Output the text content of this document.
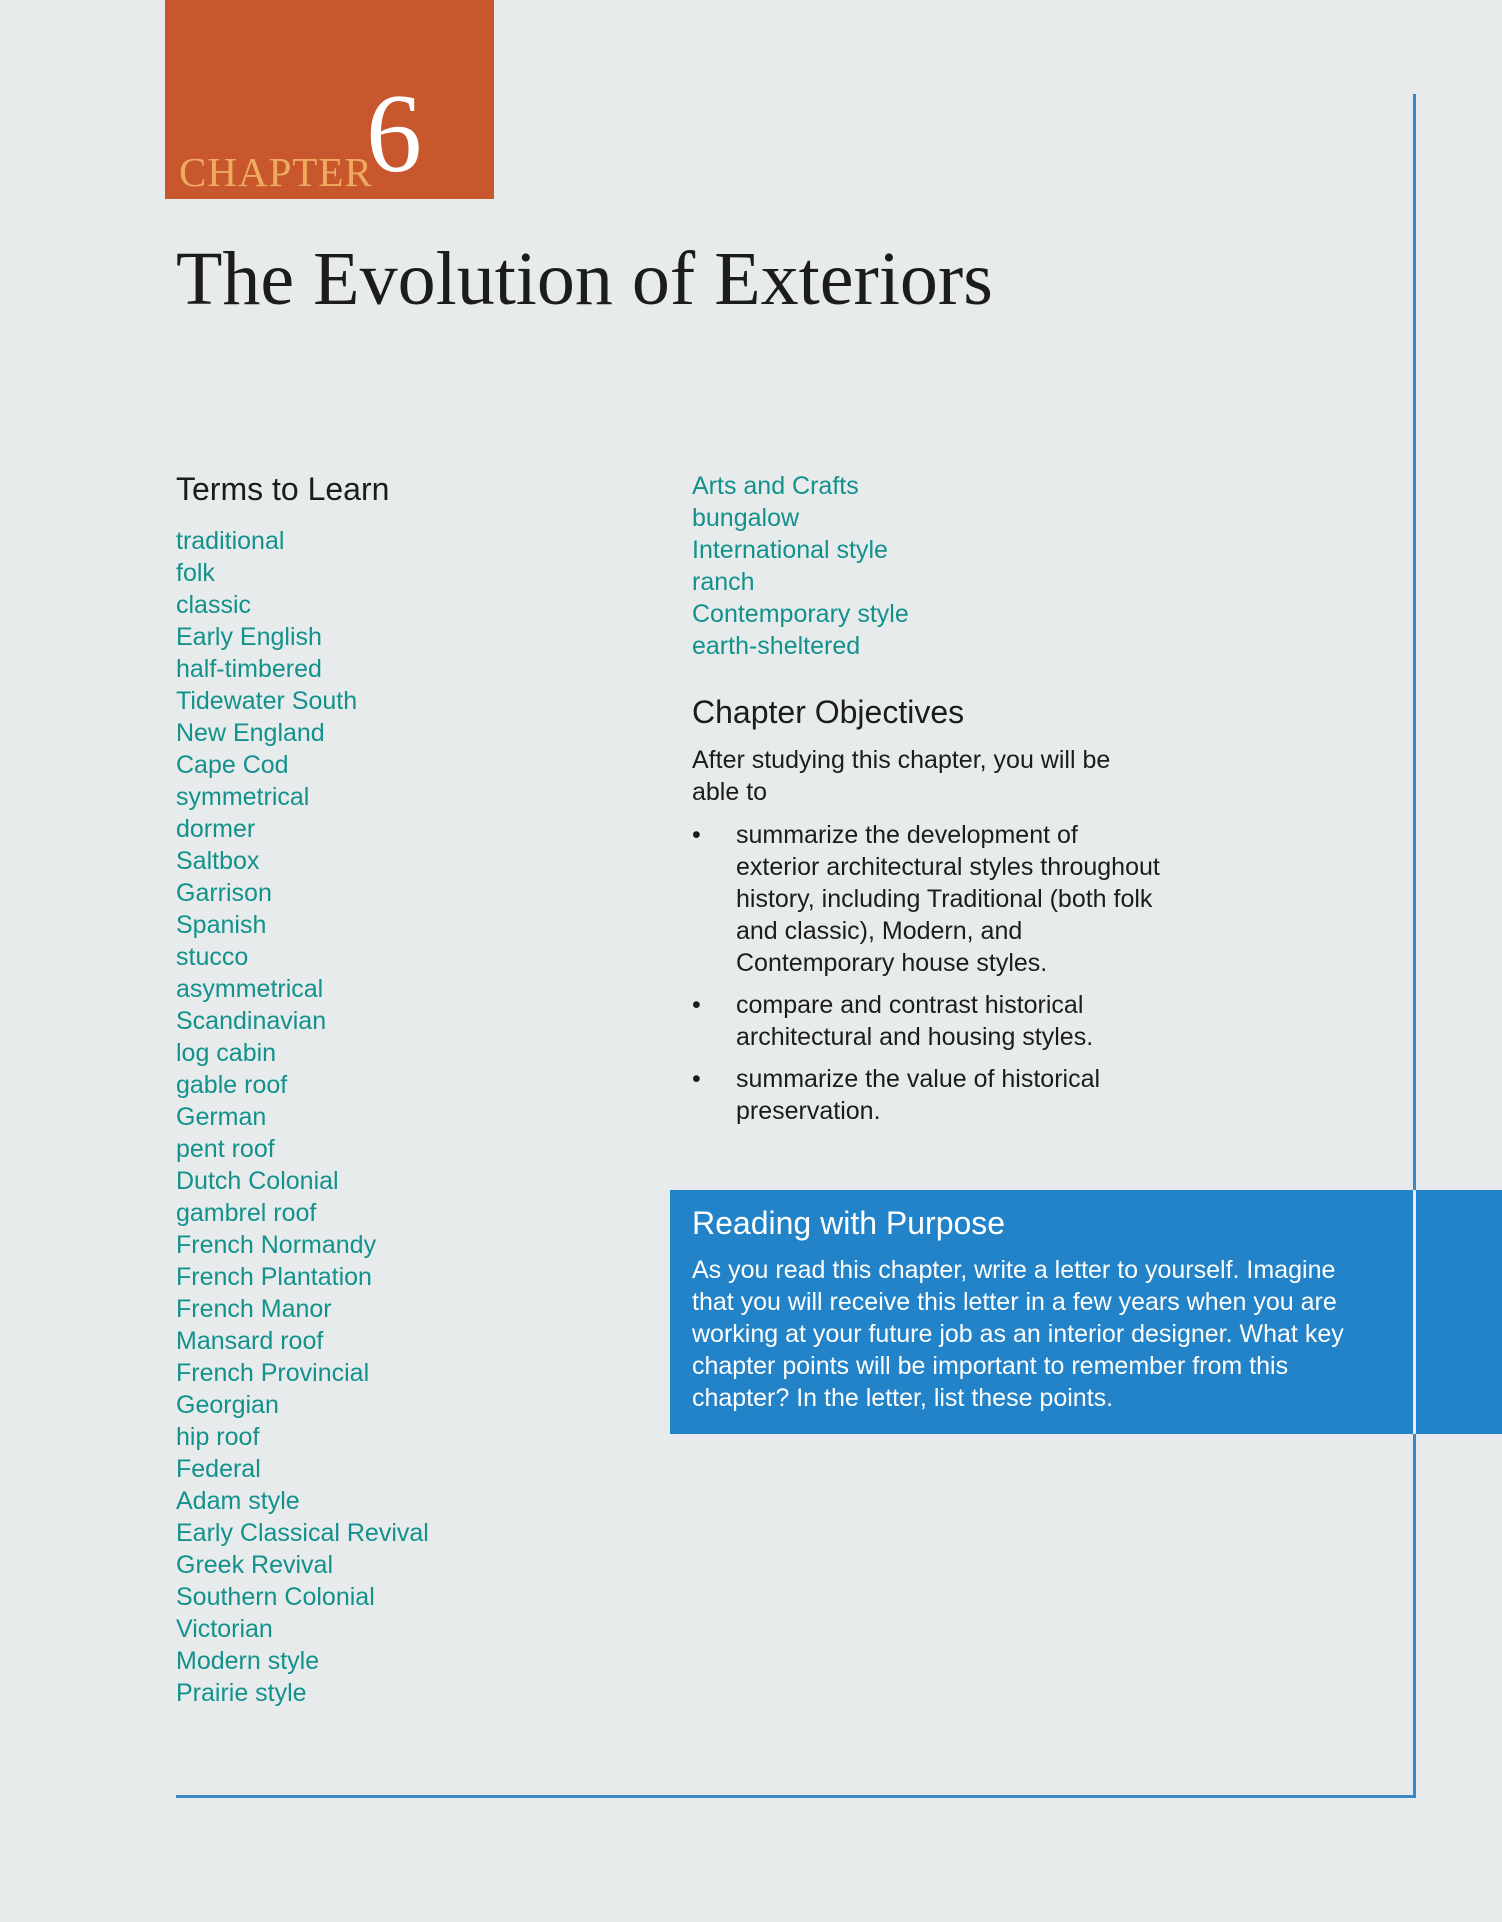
CHAPTER
6
The Evolution of Exteriors
Terms to Learn
traditional
folk
classic
Early English
half-timbered
Tidewater South
New England
Cape Cod
symmetrical
dormer
Saltbox
Garrison
Spanish
stucco
asymmetrical
Scandinavian
log cabin
gable roof
German
pent roof
Dutch Colonial
gambrel roof
French Normandy
French Plantation
French Manor
Mansard roof
French Provincial
Georgian
hip roof
Federal
Adam style
Early Classical Revival
Greek Revival
Southern Colonial
Victorian
Modern style
Prairie style
Arts and Crafts
bungalow
International style
ranch
Contemporary style
earth-sheltered
Chapter Objectives

After studying this chapter, you will be able to

• summarize the development of exterior architectural styles throughout history, including Traditional (both folk and classic), Modern, and Contemporary house styles.
• compare and contrast historical architectural and housing styles.
• summarize the value of historical preservation.
Reading with Purpose

As you read this chapter, write a letter to yourself. Imagine that you will receive this letter in a few years when you are working at your future job as an interior designer. What key chapter points will be important to remember from this chapter? In the letter, list these points.
